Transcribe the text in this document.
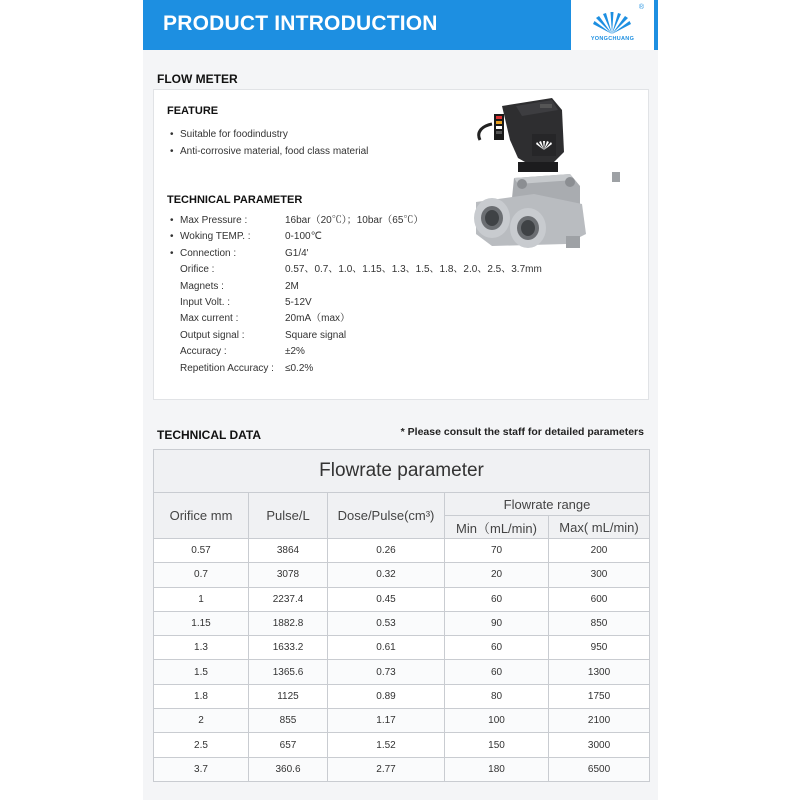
PRODUCT INTRODUCTION
®
YONGCHUANG
FLOW METER
FEATURE
• Suitable for foodindustry
• Anti-corrosive material, food class material
TECHNICAL PARAMETER
• Max Pressure :	16bar（20℃）；10bar（65℃）
• Woking TEMP. :	0-100℃
• Connection :	G1/4'
Orifice :	0.57、0.7、1.0、1.15、1.3、1.5、1.8、2.0、2.5、3.7mm
Magnets :	2M
Input Volt. :	5-12V
Max current :	20mA（max）
Output signal :	Square signal
Accuracy :	±2%
Repetition Accuracy : ≤0.2%
TECHNICAL DATA	* Please consult the staff for detailed parameters
Flowrate parameter				
Orifice mm	Pulse/L	Dose/Pulse(cm³)	Flowrate range	
			Min（mL/min)	Max( mL/min)
0.57	3864	0.26	70	200
0.7	3078	0.32	20	300
1	2237.4	0.45	60	600
1.15	1882.8	0.53	90	850
1.3	1633.2	0.61	60	950
1.5	1365.6	0.73	60	1300
1.8	1125	0.89	80	1750
2	855	1.17	100	2100
2.5	657	1.52	150	3000
3.7	360.6	2.77	180	6500
